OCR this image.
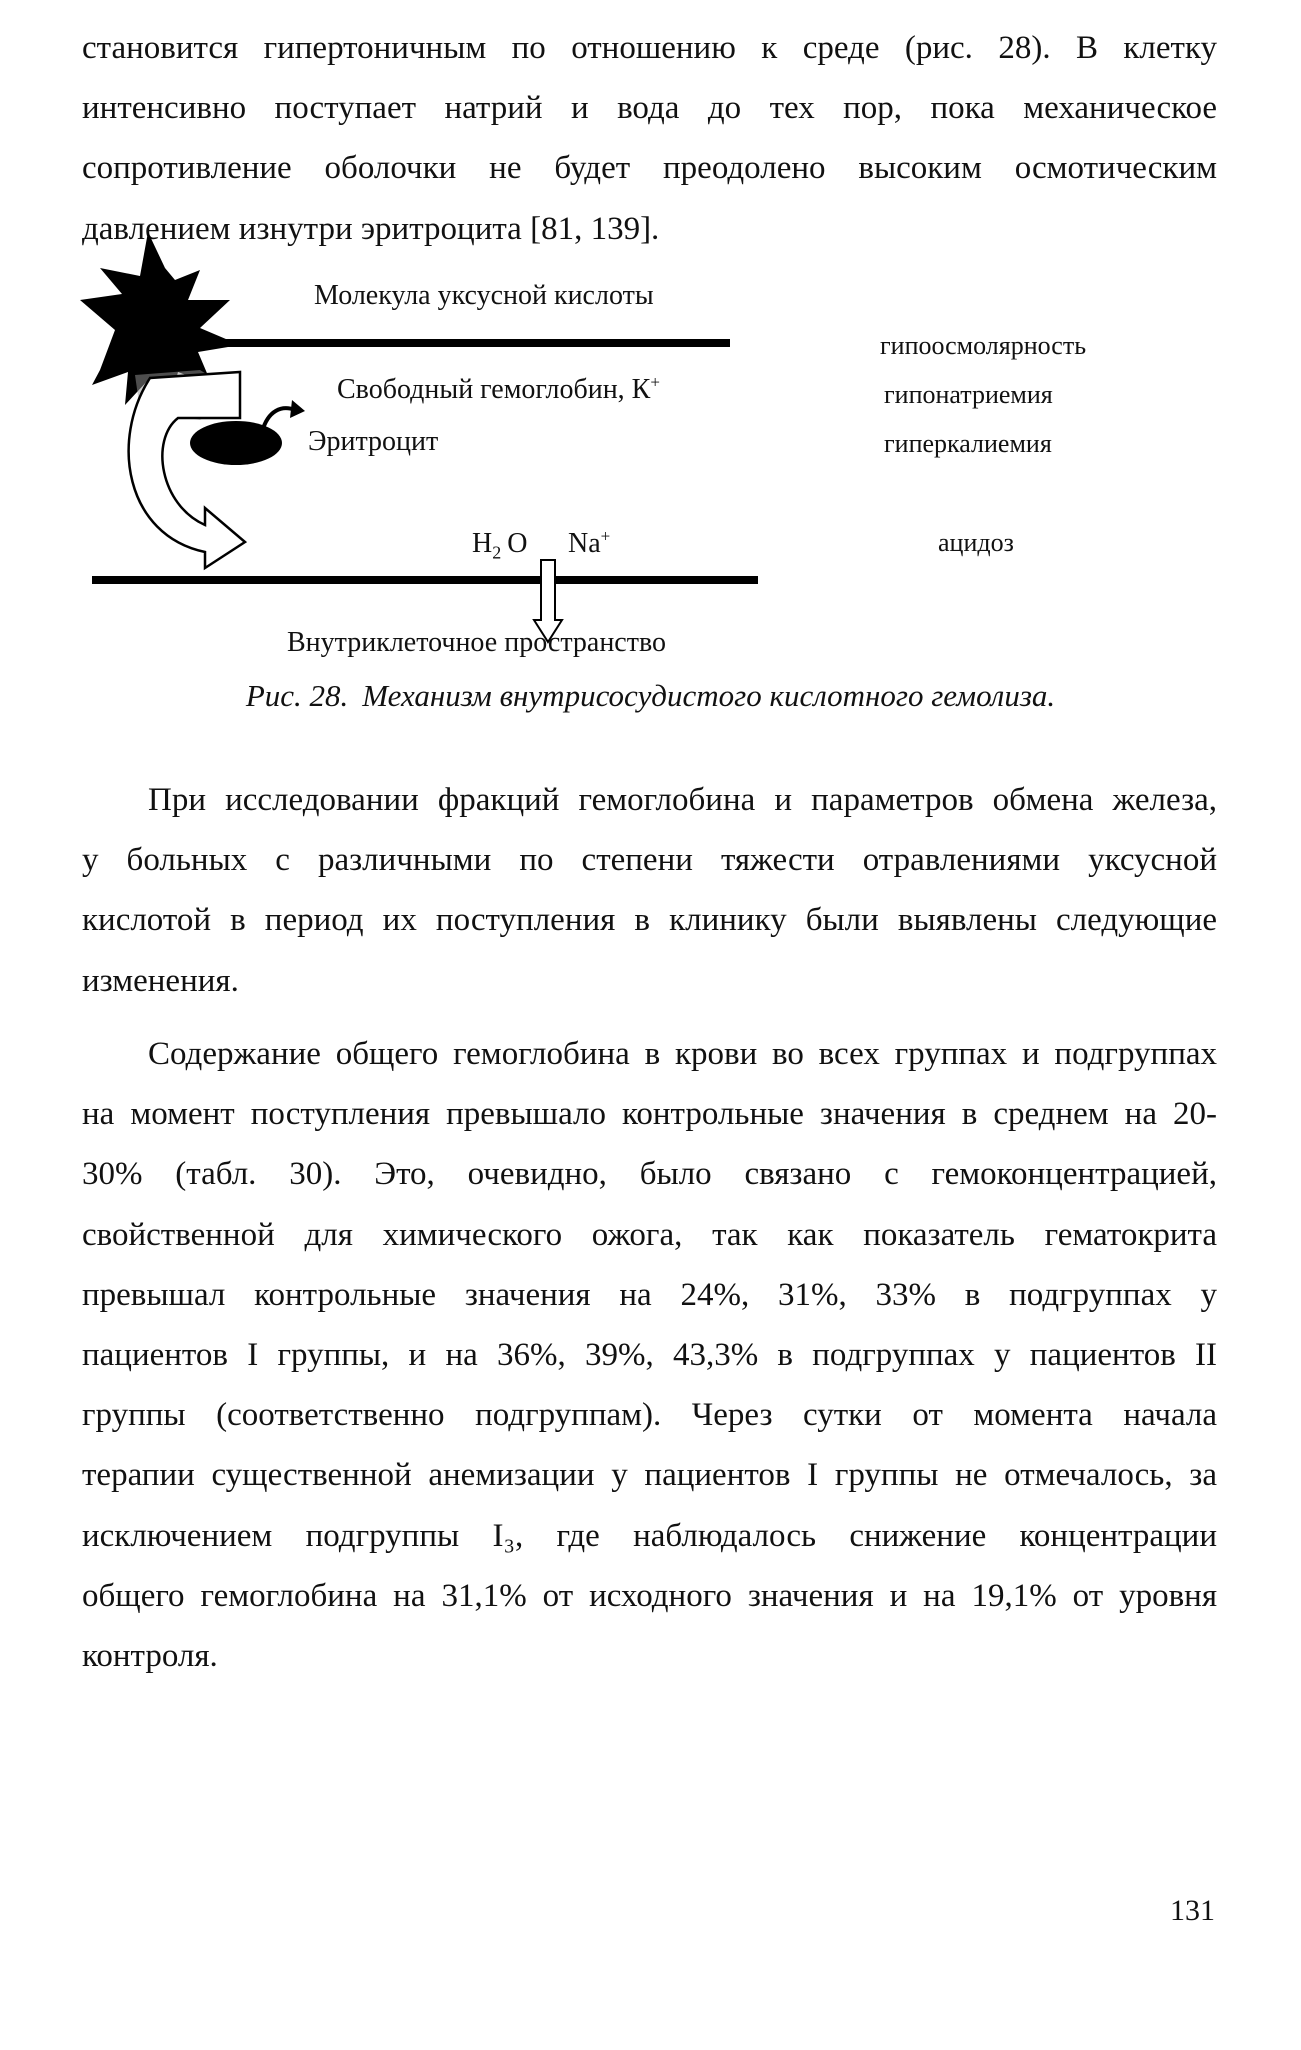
становится гипертоничным по отношению к среде (рис. 28). В клетку
интенсивно поступает натрий и вода до тех пор, пока механическое
сопротивление оболочки не будет преодолено высоким осмотическим
давлением изнутри эритроцита [81, 139].
Молекула уксусной кислоты
Свободный гемоглобин, К+
Эритроцит
$H_2$ O Na+
Внутриклеточное пространство
гипоосмолярность
гипонатриемия
гиперкалиемия
ацидоз
Рис. 28. Механизм внутрисосудистого кислотного гемолиза.
При исследовании фракций гемоглобина и параметров обмена железа,
у больных с различными по степени тяжести отравлениями уксусной
кислотой в период их поступления в клинику были выявлены следующие
изменения.
Содержание общего гемоглобина в крови во всех группах и подгруппах
на момент поступления превышало контрольные значения в среднем на 20-
30% (табл. 30). Это, очевидно, было связано с гемоконцентрацией,
свойственной для химического ожога, так как показатель гематокрита
превышал контрольные значения на 24%, 31%, 33% в подгруппах у
пациентов I группы, и на 36%, 39%, 43,3% в подгруппах у пациентов II
группы (соответственно подгруппам). Через сутки от момента начала
терапии существенной анемизации у пациентов I группы не отмечалось, за
исключением подгруппы I₃, где наблюдалось снижение концентрации
общего гемоглобина на 31,1% от исходного значения и на 19,1% от уровня
контроля.
131
